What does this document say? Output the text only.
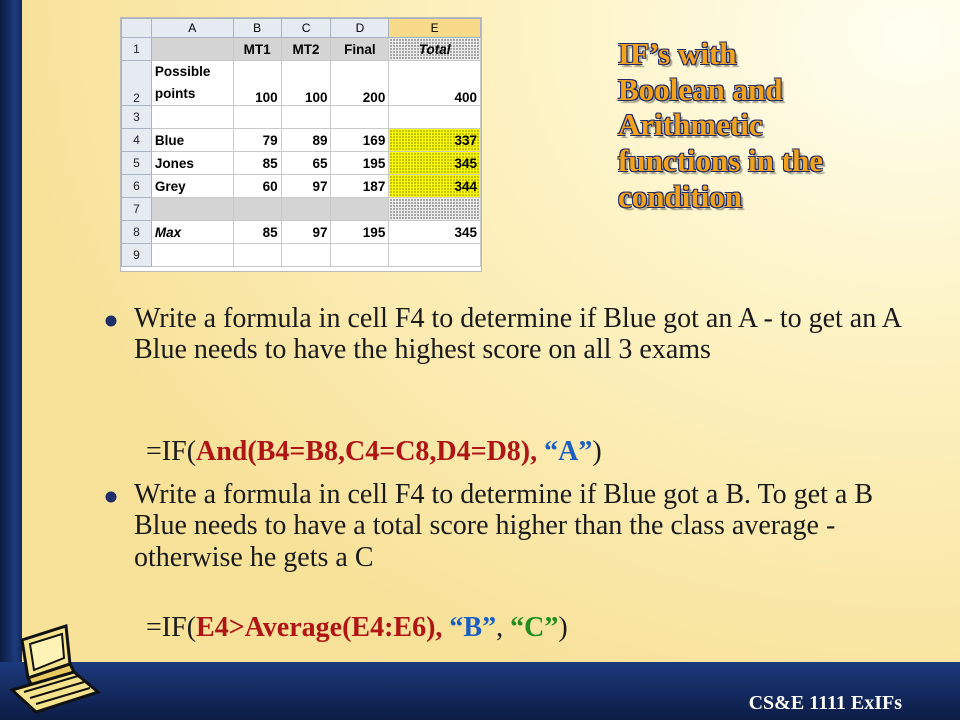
	A	B	C	D	E
1		MT1	MT2	Final	Total
2	Possible points	100	100	200	400
3					
4	Blue	79	89	169	337
5	Jones	85	65	195	345
6	Grey	60	97	187	344
7					
8	Max	85	97	195	345
9					
IF’s with
Boolean and
Arithmetic
functions in the
condition
Write a formula in cell F4 to determine if Blue got an A - to get an A Blue needs to have the highest score on all 3 exams
=IF(And(B4=B8,C4=C8,D4=D8), “A”)
Write a formula in cell F4 to determine if Blue got a B. To get a B Blue needs to have a total score higher than the class average - otherwise he gets a C
=IF(E4>Average(E4:E6), “B”, “C”)
CS&E 1111 ExIFs
